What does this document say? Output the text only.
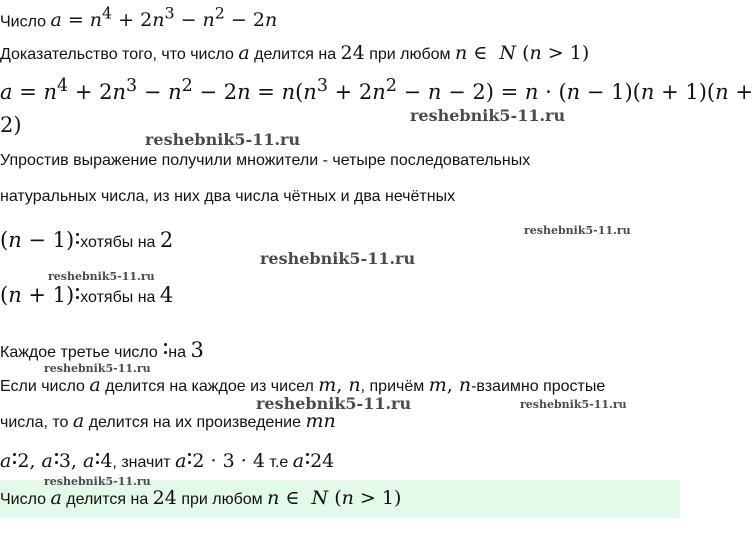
Число $a = n^4 + 2n^3 - n^2 - 2n$
Доказательство того, что число a делится на 24 при любом n ∈  N (n > 1)
$a = n^4 + 2n^3 - n^2 - 2n = n(n^3 + 2n^2 - n - 2) = n \cdot (n - 1)(n + 1)(n$ +
2)
Упростив выражение получили множители - четыре последовательных
натуральных числа, из них два числа чётных и два нечётных
(n − 1) хотябы на 2
(n + 1) хотябы на 4
Каждое третье число на 3
Если число a делится на каждое из чисел m, n, причём m, n-взаимно простые
числа, то a делится на их произведение mn
a 2, a 3, a 4, значит a 2 · 3 · 4 т.е a 24
Число a делится на 24 при любом n ∈  N (n > 1)
reshebnik5-11.ru
reshebnik5-11.ru
reshebnik5-11.ru
reshebnik5-11.ru
reshebnik5-11.ru
reshebnik5-11.ru
reshebnik5-11.ru	reshebnik5-11.ru
reshebnik5-11.ru
